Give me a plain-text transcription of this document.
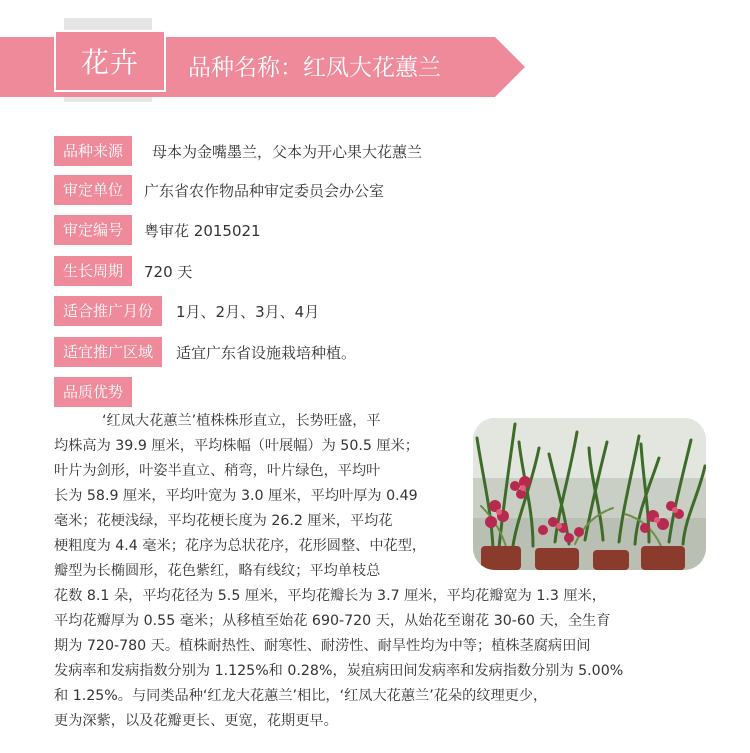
花卉	品种名称：红凤大花蕙兰
品种来源	母本为金嘴墨兰，父本为开心果大花蕙兰
审定单位	广东省农作物品种审定委员会办公室
审定编号	粤审花 2015021
生长周期	720 天
适合推广月份	1月、2月、3月、4月
适宜推广区域	适宜广东省设施栽培种植。
品质优势
‘红凤大花蕙兰’植株株形直立，长势旺盛，平
均株高为 39.9 厘米，平均株幅（叶展幅）为 50.5 厘米；
叶片为剑形，叶姿半直立、稍弯，叶片绿色，平均叶
长为 58.9 厘米，平均叶宽为 3.0 厘米，平均叶厚为 0.49
毫米；花梗浅绿，平均花梗长度为 26.2 厘米，平均花
梗粗度为 4.4 毫米；花序为总状花序，花形圆整、中花型，
瓣型为长椭圆形，花色紫红，略有线纹；平均单枝总
花数 8.1 朵，平均花径为 5.5 厘米，平均花瓣长为 3.7 厘米，平均花瓣宽为 1.3 厘米，
平均花瓣厚为 0.55 毫米；从移植至始花 690-720 天，从始花至谢花 30-60 天，全生育
期为 720-780 天。植株耐热性、耐寒性、耐涝性、耐旱性均为中等；植株茎腐病田间
发病率和发病指数分别为 1.125%和 0.28%，炭疽病田间发病率和发病指数分别为 5.00%
和 1.25%。与同类品种‘红龙大花蕙兰’相比，‘红凤大花蕙兰’花朵的纹理更少，
更为深紫，以及花瓣更长、更宽，花期更早。
